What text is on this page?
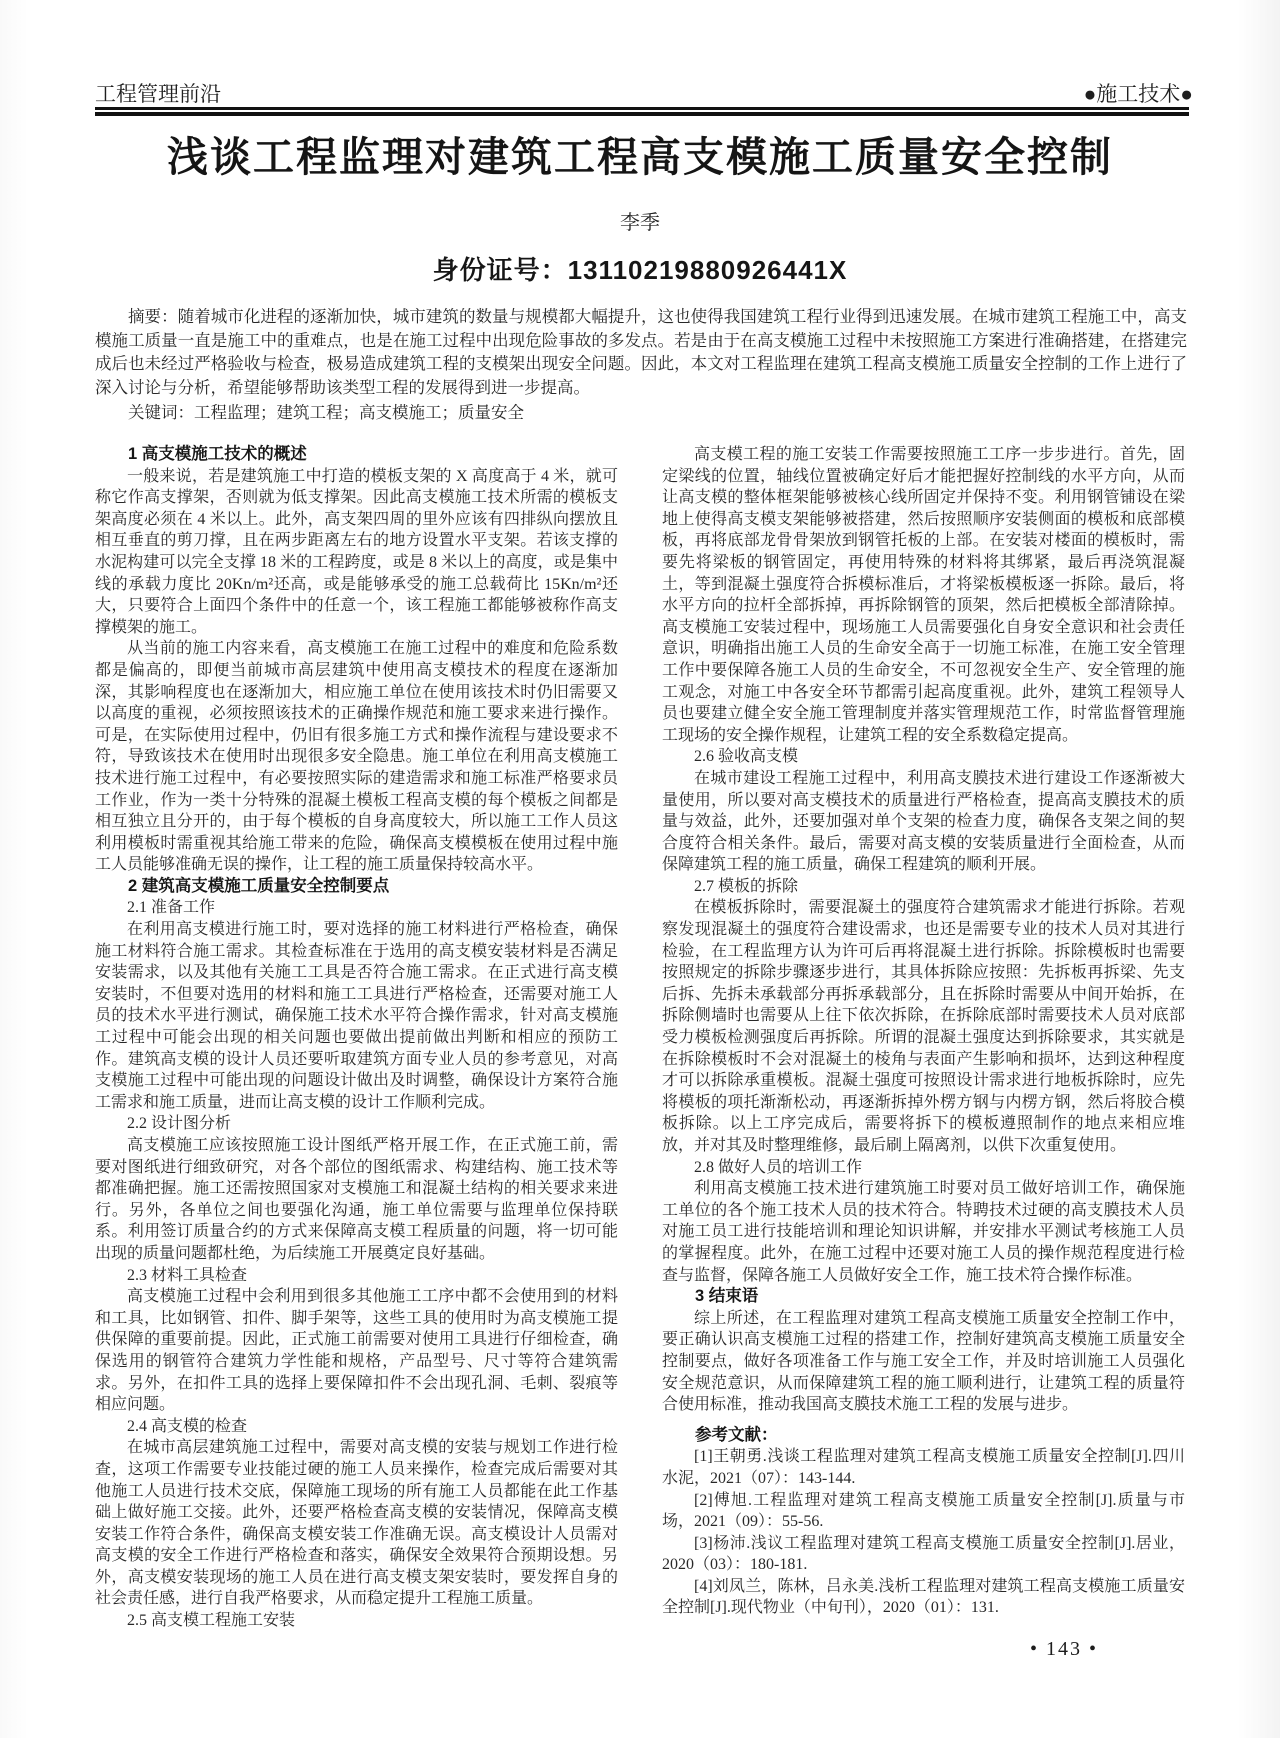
工程管理前沿	●施工技术●
浅谈工程监理对建筑工程高支模施工质量安全控制
李季
身份证号：13110219880926441X
摘要：随着城市化进程的逐渐加快，城市建筑的数量与规模都大幅提升，这也使得我国建筑工程行业得到迅速发展。在城市建筑工程施工中，高支模施工质量一直是施工中的重难点，也是在施工过程中出现危险事故的多发点。若是由于在高支模施工过程中未按照施工方案进行准确搭建，在搭建完成后也未经过严格验收与检查，极易造成建筑工程的支模架出现安全问题。因此，本文对工程监理在建筑工程高支模施工质量安全控制的工作上进行了深入讨论与分析，希望能够帮助该类型工程的发展得到进一步提高。
关键词：工程监理；建筑工程；高支模施工；质量安全
1 高支模施工技术的概述
一般来说，若是建筑施工中打造的模板支架的 X 高度高于 4 米，就可称它作高支撑架，否则就为低支撑架。因此高支模施工技术所需的模板支架高度必须在 4 米以上。此外，高支架四周的里外应该有四排纵向摆放且相互垂直的剪刀撑，且在两步距离左右的地方设置水平支架。若该支撑的水泥构建可以完全支撑 18 米的工程跨度，或是 8 米以上的高度，或是集中线的承载力度比 20Kn/m²还高，或是能够承受的施工总载荷比 15Kn/m²还大，只要符合上面四个条件中的任意一个，该工程施工都能够被称作高支撑模架的施工。
从当前的施工内容来看，高支模施工在施工过程中的难度和危险系数都是偏高的，即便当前城市高层建筑中使用高支模技术的程度在逐渐加深，其影响程度也在逐渐加大，相应施工单位在使用该技术时仍旧需要又以高度的重视，必须按照该技术的正确操作规范和施工要求来进行操作。可是，在实际使用过程中，仍旧有很多施工方式和操作流程与建设要求不符，导致该技术在使用时出现很多安全隐患。施工单位在利用高支模施工技术进行施工过程中，有必要按照实际的建造需求和施工标准严格要求员工作业，作为一类十分特殊的混凝土模板工程高支模的每个模板之间都是相互独立且分开的，由于每个模板的自身高度较大，所以施工工作人员这利用模板时需重视其给施工带来的危险，确保高支模模板在使用过程中施工人员能够准确无误的操作，让工程的施工质量保持较高水平。
2 建筑高支模施工质量安全控制要点
2.1 准备工作
在利用高支模进行施工时，要对选择的施工材料进行严格检查，确保施工材料符合施工需求。其检查标准在于选用的高支模安装材料是否满足安装需求，以及其他有关施工工具是否符合施工需求。在正式进行高支模安装时，不但要对选用的材料和施工工具进行严格检查，还需要对施工人员的技术水平进行测试，确保施工技术水平符合操作需求，针对高支模施工过程中可能会出现的相关问题也要做出提前做出判断和相应的预防工作。建筑高支模的设计人员还要听取建筑方面专业人员的参考意见，对高支模施工过程中可能出现的问题设计做出及时调整，确保设计方案符合施工需求和施工质量，进而让高支模的设计工作顺利完成。
2.2 设计图分析
高支模施工应该按照施工设计图纸严格开展工作，在正式施工前，需要对图纸进行细致研究，对各个部位的图纸需求、构建结构、施工技术等都准确把握。施工还需按照国家对支模施工和混凝土结构的相关要求来进行。另外，各单位之间也要强化沟通，施工单位需要与监理单位保持联系。利用签订质量合约的方式来保障高支模工程质量的问题，将一切可能出现的质量问题都杜绝，为后续施工开展奠定良好基础。
2.3 材料工具检查
高支模施工过程中会利用到很多其他施工工序中都不会使用到的材料和工具，比如钢管、扣件、脚手架等，这些工具的使用时为高支模施工提供保障的重要前提。因此，正式施工前需要对使用工具进行仔细检查，确保选用的钢管符合建筑力学性能和规格，产品型号、尺寸等符合建筑需求。另外，在扣件工具的选择上要保障扣件不会出现孔洞、毛刺、裂痕等相应问题。
2.4 高支模的检查
在城市高层建筑施工过程中，需要对高支模的安装与规划工作进行检查，这项工作需要专业技能过硬的施工人员来操作，检查完成后需要对其他施工人员进行技术交底，保障施工现场的所有施工人员都能在此工作基础上做好施工交接。此外，还要严格检查高支模的安装情况，保障高支模安装工作符合条件，确保高支模安装工作准确无误。高支模设计人员需对高支模的安全工作进行严格检查和落实，确保安全效果符合预期设想。另外，高支模安装现场的施工人员在进行高支模支架安装时，要发挥自身的社会责任感，进行自我严格要求，从而稳定提升工程施工质量。
2.5 高支模工程施工安装
高支模工程的施工安装工作需要按照施工工序一步步进行。首先，固定梁线的位置，轴线位置被确定好后才能把握好控制线的水平方向，从而让高支模的整体框架能够被核心线所固定并保持不变。利用钢管铺设在梁地上使得高支模支架能够被搭建，然后按照顺序安装侧面的模板和底部模板，再将底部龙骨骨架放到钢管托板的上部。在安装对楼面的模板时，需要先将梁板的钢管固定，再使用特殊的材料将其绑紧，最后再浇筑混凝土，等到混凝土强度符合拆模标准后，才将梁板模板逐一拆除。最后，将水平方向的拉杆全部拆掉，再拆除钢管的顶架，然后把模板全部清除掉。高支模施工安装过程中，现场施工人员需要强化自身安全意识和社会责任意识，明确指出施工人员的生命安全高于一切施工标准，在施工安全管理工作中要保障各施工人员的生命安全，不可忽视安全生产、安全管理的施工观念，对施工中各安全环节都需引起高度重视。此外，建筑工程领导人员也要建立健全安全施工管理制度并落实管理规范工作，时常监督管理施工现场的安全操作规程，让建筑工程的安全系数稳定提高。
2.6 验收高支模
在城市建设工程施工过程中，利用高支膜技术进行建设工作逐渐被大量使用，所以要对高支模技术的质量进行严格检查，提高高支膜技术的质量与效益，此外，还要加强对单个支架的检查力度，确保各支架之间的契合度符合相关条件。最后，需要对高支模的安装质量进行全面检查，从而保障建筑工程的施工质量，确保工程建筑的顺利开展。
2.7 模板的拆除
在模板拆除时，需要混凝土的强度符合建筑需求才能进行拆除。若观察发现混凝土的强度符合建设需求，也还是需要专业的技术人员对其进行检验，在工程监理方认为许可后再将混凝土进行拆除。拆除模板时也需要按照规定的拆除步骤逐步进行，其具体拆除应按照：先拆板再拆梁、先支后拆、先拆未承载部分再拆承载部分，且在拆除时需要从中间开始拆，在拆除侧墙时也需要从上往下依次拆除，在拆除底部时需要技术人员对底部受力模板检测强度后再拆除。所谓的混凝土强度达到拆除要求，其实就是在拆除模板时不会对混凝土的棱角与表面产生影响和损坏，达到这种程度才可以拆除承重模板。混凝土强度可按照设计需求进行地板拆除时，应先将模板的项托渐渐松动，再逐渐拆掉外楞方钢与内楞方钢，然后将胶合模板拆除。以上工序完成后，需要将拆下的模板遵照制作的地点来相应堆放，并对其及时整理维修，最后刷上隔离剂，以供下次重复使用。
2.8 做好人员的培训工作
利用高支模施工技术进行建筑施工时要对员工做好培训工作，确保施工单位的各个施工技术人员的技术符合。特聘技术过硬的高支膜技术人员对施工员工进行技能培训和理论知识讲解，并安排水平测试考核施工人员的掌握程度。此外，在施工过程中还要对施工人员的操作规范程度进行检查与监督，保障各施工人员做好安全工作，施工技术符合操作标准。
3 结束语
综上所述，在工程监理对建筑工程高支模施工质量安全控制工作中，要正确认识高支模施工过程的搭建工作，控制好建筑高支模施工质量安全控制要点，做好各项准备工作与施工安全工作，并及时培训施工人员强化安全规范意识，从而保障建筑工程的施工顺利进行，让建筑工程的质量符合使用标准，推动我国高支膜技术施工工程的发展与进步。
参考文献：
[1]王朝勇.浅谈工程监理对建筑工程高支模施工质量安全控制[J].四川水泥，2021（07）：143-144.
[2]傅旭.工程监理对建筑工程高支模施工质量安全控制[J].质量与市场，2021（09）：55-56.
[3]杨沛.浅议工程监理对建筑工程高支模施工质量安全控制[J].居业，2020（03）：180-181.
[4]刘凤兰，陈林，吕永美.浅析工程监理对建筑工程高支模施工质量安全控制[J].现代物业（中旬刊），2020（01）：131.
• 143 •
